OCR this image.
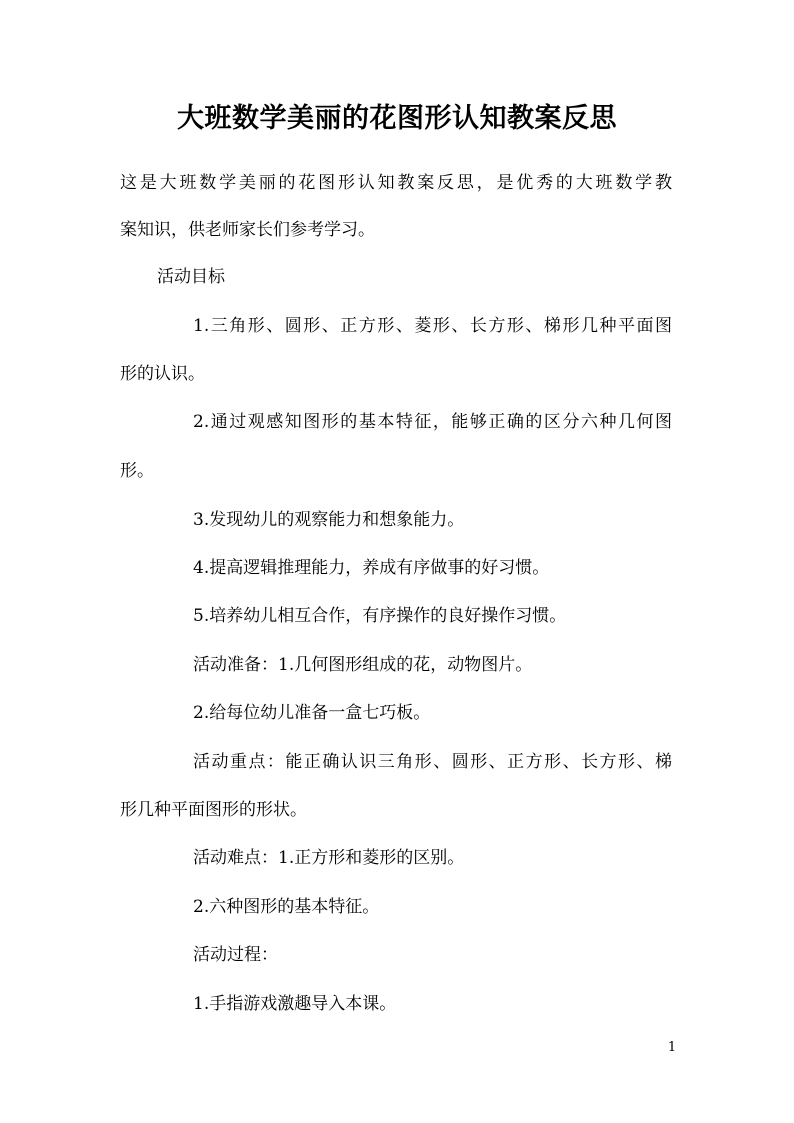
大班数学美丽的花图形认知教案反思

这是大班数学美丽的花图形认知教案反思，是优秀的大班数学教

案知识，供老师家长们参考学习。

活动目标

1.三角形、圆形、正方形、菱形、长方形、梯形几种平面图

形的认识。

2.通过观感知图形的基本特征，能够正确的区分六种几何图

形。

3.发现幼儿的观察能力和想象能力。

4.提高逻辑推理能力，养成有序做事的好习惯。

5.培养幼儿相互合作，有序操作的良好操作习惯。

活动准备：1.几何图形组成的花，动物图片。

2.给每位幼儿准备一盒七巧板。

活动重点：能正确认识三角形、圆形、正方形、长方形、梯

形几种平面图形的形状。

活动难点：1.正方形和菱形的区别。

2.六种图形的基本特征。

活动过程：

1.手指游戏激趣导入本课。

1
